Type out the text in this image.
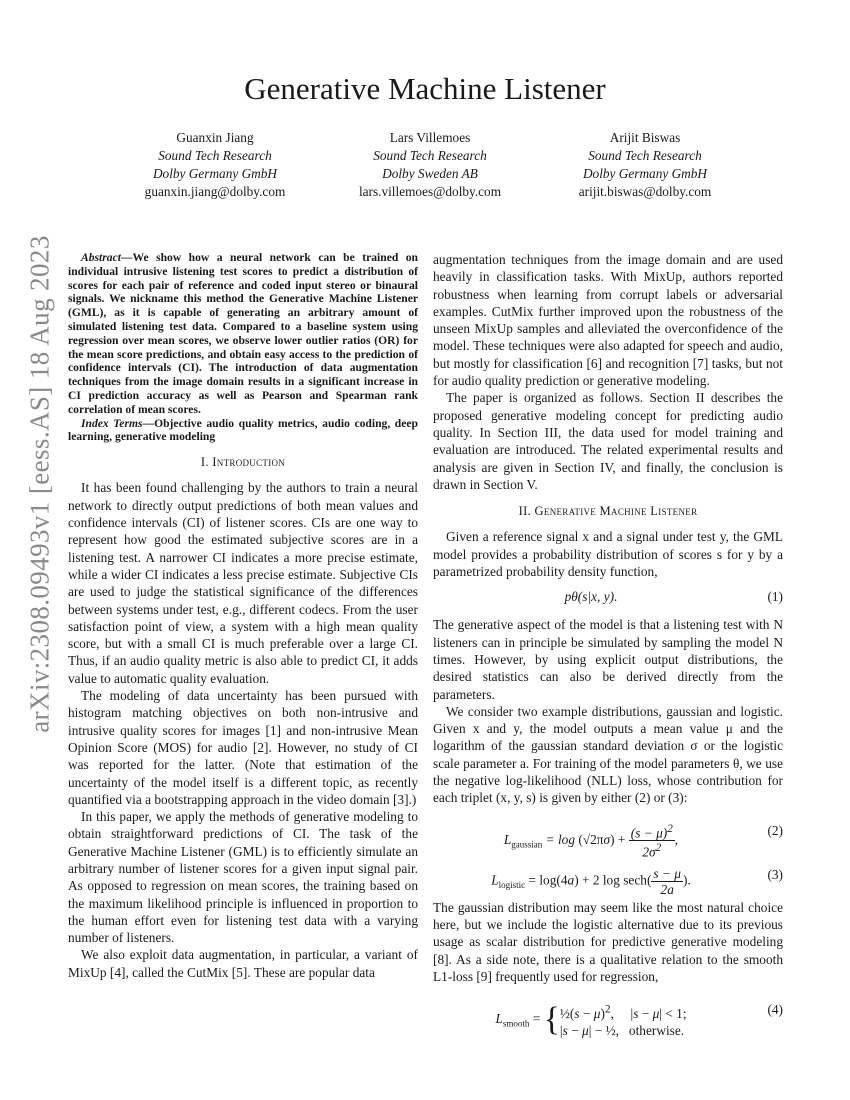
Generative Machine Listener
Guanxin Jiang
Sound Tech Research
Dolby Germany GmbH
guanxin.jiang@dolby.com
Lars Villemoes
Sound Tech Research
Dolby Sweden AB
lars.villemoes@dolby.com
Arijit Biswas
Sound Tech Research
Dolby Germany GmbH
arijit.biswas@dolby.com
arXiv:2308.09493v1 [eess.AS] 18 Aug 2023	Abstract—We show how a neural network can be trained on individual intrusive listening test scores to predict a distribution of scores for each pair of reference and coded input stereo or binaural signals. We nickname this method the Generative Machine Listener (GML), as it is capable of generating an arbitrary amount of simulated listening test data. Compared to a baseline system using regression over mean scores, we observe lower outlier ratios (OR) for the mean score predictions, and obtain easy access to the prediction of confidence intervals (CI). The introduction of data augmentation techniques from the image domain results in a significant increase in CI prediction accuracy as well as Pearson and Spearman rank correlation of mean scores.

Index Terms—Objective audio quality metrics, audio coding, deep learning, generative modeling

I. Introduction

It has been found challenging by the authors to train a neural network to directly output predictions of both mean values and confidence intervals (CI) of listener scores. CIs are one way to represent how good the estimated subjective scores are in a listening test. A narrower CI indicates a more precise estimate, while a wider CI indicates a less precise estimate. Subjective CIs are used to judge the statistical significance of the differences between systems under test, e.g., different codecs. From the user satisfaction point of view, a system with a high mean quality score, but with a small CI is much preferable over a large CI. Thus, if an audio quality metric is also able to predict CI, it adds value to automatic quality evaluation.

The modeling of data uncertainty has been pursued with histogram matching objectives on both non-intrusive and intrusive quality scores for images [1] and non-intrusive Mean Opinion Score (MOS) for audio [2]. However, no study of CI was reported for the latter. (Note that estimation of the uncertainty of the model itself is a different topic, as recently quantified via a bootstrapping approach in the video domain [3].)

In this paper, we apply the methods of generative modeling to obtain straightforward predictions of CI. The task of the Generative Machine Listener (GML) is to efficiently simulate an arbitrary number of listener scores for a given input signal pair. As opposed to regression on mean scores, the training based on the maximum likelihood principle is influenced in proportion to the human effort even for listening test data with a varying number of listeners.

We also exploit data augmentation, in particular, a variant of MixUp [4], called the CutMix [5]. These are popular data

augmentation techniques from the image domain and are used heavily in classification tasks. With MixUp, authors reported robustness when learning from corrupt labels or adversarial examples. CutMix further improved upon the robustness of the unseen MixUp samples and alleviated the overconfidence of the model. These techniques were also adapted for speech and audio, but mostly for classification [6] and recognition [7] tasks, but not for audio quality prediction or generative modeling.

The paper is organized as follows. Section II describes the proposed generative modeling concept for predicting audio quality. In Section III, the data used for model training and evaluation are introduced. The related experimental results and analysis are given in Section IV, and finally, the conclusion is drawn in Section V.

II. Generative Machine Listener

Given a reference signal x and a signal under test y, the GML model provides a probability distribution of scores s for y by a parametrized probability density function,

pθ(s|x, y).	(1)

The generative aspect of the model is that a listening test with N listeners can in principle be simulated by sampling the model N times. However, by using explicit output distributions, the desired statistics can also be derived directly from the parameters.

We consider two example distributions, gaussian and logistic. Given x and y, the model outputs a mean value μ and the logarithm of the gaussian standard deviation σ or the logistic scale parameter a. For training of the model parameters θ, we use the negative log-likelihood (NLL) loss, whose contribution for each triplet (x, y, s) is given by either (2) or (3):

$L_{gaussian} = \log (√2\pi\sigma) + \frac{(s - \mu)^2}{2\sigma^2}$ ,
(2)
$L_{logistic} = \log(4a) + 2$ $\log \sec h( \frac{s - \mu}{2a}$ ).	(3)

The gaussian distribution may seem like the most natural choice here, but we include the logistic alternative due to its previous usage as scalar distribution for predictive generative modeling [8]. As a side note, there is a qualitative relation to the smooth L1-loss [9] frequently used for regression,

$L_{smooth}$ = {½(s − μ)$^2$,     |s − μ| < 1;
|s − μ| − ½,   otherwise.
(4)
